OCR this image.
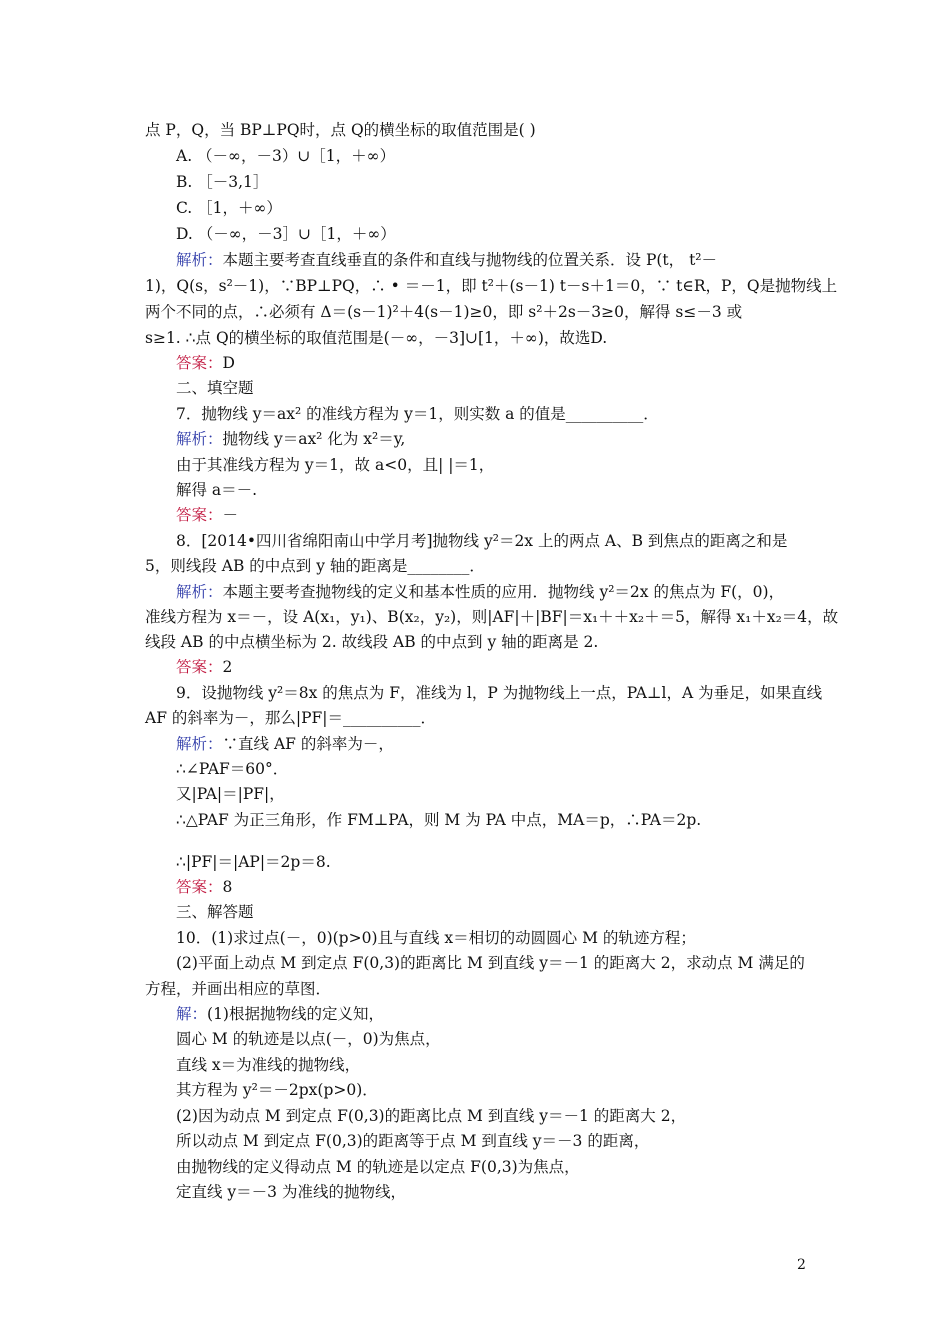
点 P，Q，当 BP⊥PQ时，点 Q的横坐标的取值范围是( )
A. （－∞，－3）∪［1，＋∞）
B. ［－3,1］
C. ［1，＋∞）
D. （－∞，－3］∪［1，＋∞）
解析：本题主要考查直线垂直的条件和直线与抛物线的位置关系．设 P(t， t²－
1)，Q(s，s²－1)，∵BP⊥PQ，∴ • ＝－1，即 t²＋(s－1) t－s＋1＝0，∵ t∈R，P，Q是抛物线上
两个不同的点，∴必须有 Δ＝(s－1)²＋4(s－1)≥0，即 s²＋2s－3≥0，解得 s≤－3 或
s≥1. ∴点 Q的横坐标的取值范围是(－∞，－3]∪[1，＋∞)，故选D.
答案：D
二、填空题
7．抛物线 y＝ax² 的准线方程为 y＝1，则实数 a 的值是__________．
解析：抛物线 y＝ax² 化为 x²＝y,
由于其准线方程为 y＝1，故 a<0，且| |＝1，
解得 a＝－.
答案：－
8．[2014•四川省绵阳南山中学月考]抛物线 y²＝2x 上的两点 A、B 到焦点的距离之和是
5，则线段 AB 的中点到 y 轴的距离是________．
解析：本题主要考查抛物线的定义和基本性质的应用．抛物线 y²＝2x 的焦点为 F(，0)，
准线方程为 x＝－，设 A(x₁，y₁)、B(x₂，y₂)，则|AF|＋|BF|＝x₁＋＋x₂＋＝5，解得 x₁＋x₂＝4，故
线段 AB 的中点横坐标为 2. 故线段 AB 的中点到 y 轴的距离是 2.
答案：2
9．设抛物线 y²＝8x 的焦点为 F，准线为 l，P 为抛物线上一点，PA⊥l，A 为垂足，如果直线
AF 的斜率为－，那么|PF|＝__________．
解析：∵直线 AF 的斜率为－，
∴∠PAF＝60°．
又|PA|＝|PF|，
∴△PAF 为正三角形，作 FM⊥PA，则 M 为 PA 中点，MA＝p，∴PA＝2p.
∴|PF|＝|AP|＝2p＝8.
答案：8
三、解答题
10．(1)求过点(－，0)(p>0)且与直线 x＝相切的动圆圆心 M 的轨迹方程；
(2)平面上动点 M 到定点 F(0,3)的距离比 M 到直线 y＝－1 的距离大 2，求动点 M 满足的
方程，并画出相应的草图．
解：(1)根据抛物线的定义知，
圆心 M 的轨迹是以点(－，0)为焦点，
直线 x＝为准线的抛物线，
其方程为 y²＝－2px(p>0)．
(2)因为动点 M 到定点 F(0,3)的距离比点 M 到直线 y＝－1 的距离大 2，
所以动点 M 到定点 F(0,3)的距离等于点 M 到直线 y＝－3 的距离，
由抛物线的定义得动点 M 的轨迹是以定点 F(0,3)为焦点，
定直线 y＝－3 为准线的抛物线，
2
